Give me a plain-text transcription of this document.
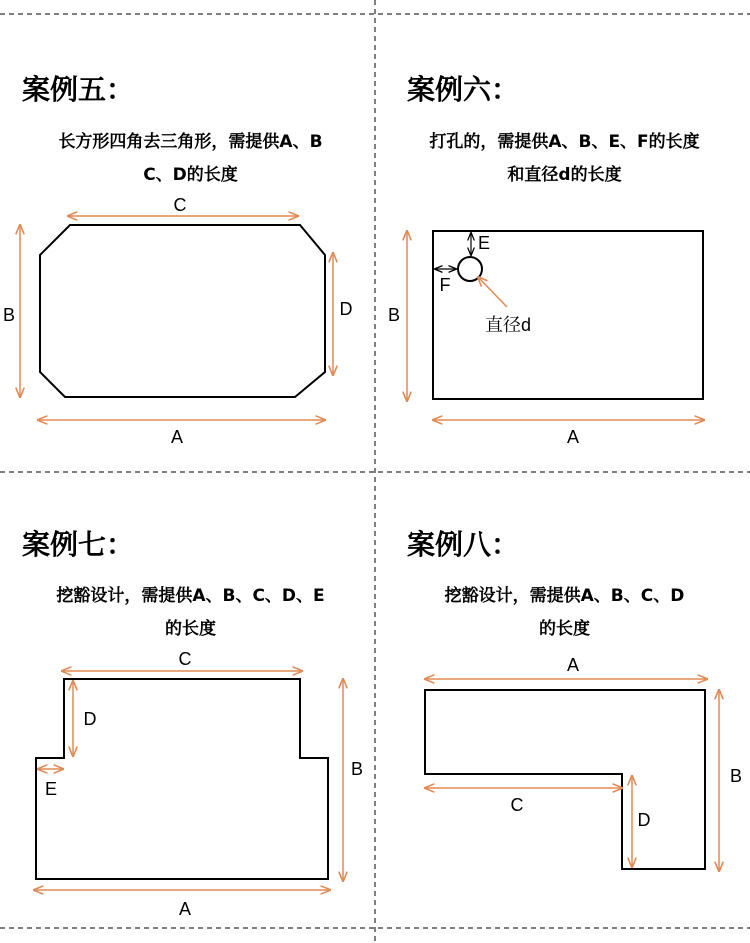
案例五：
长方形四角去三角形，需提供A、B
C、D的长度
案例六：
打孔的，需提供A、B、E、F的长度
和直径d的长度
案例七：
挖豁设计，需提供A、B、C、D、E
的长度
案例八：
挖豁设计，需提供A、B、C、D
的长度
C
B	D
A
E
F
直径d
B
A
C
D
E
B
A
A
C
D
B
